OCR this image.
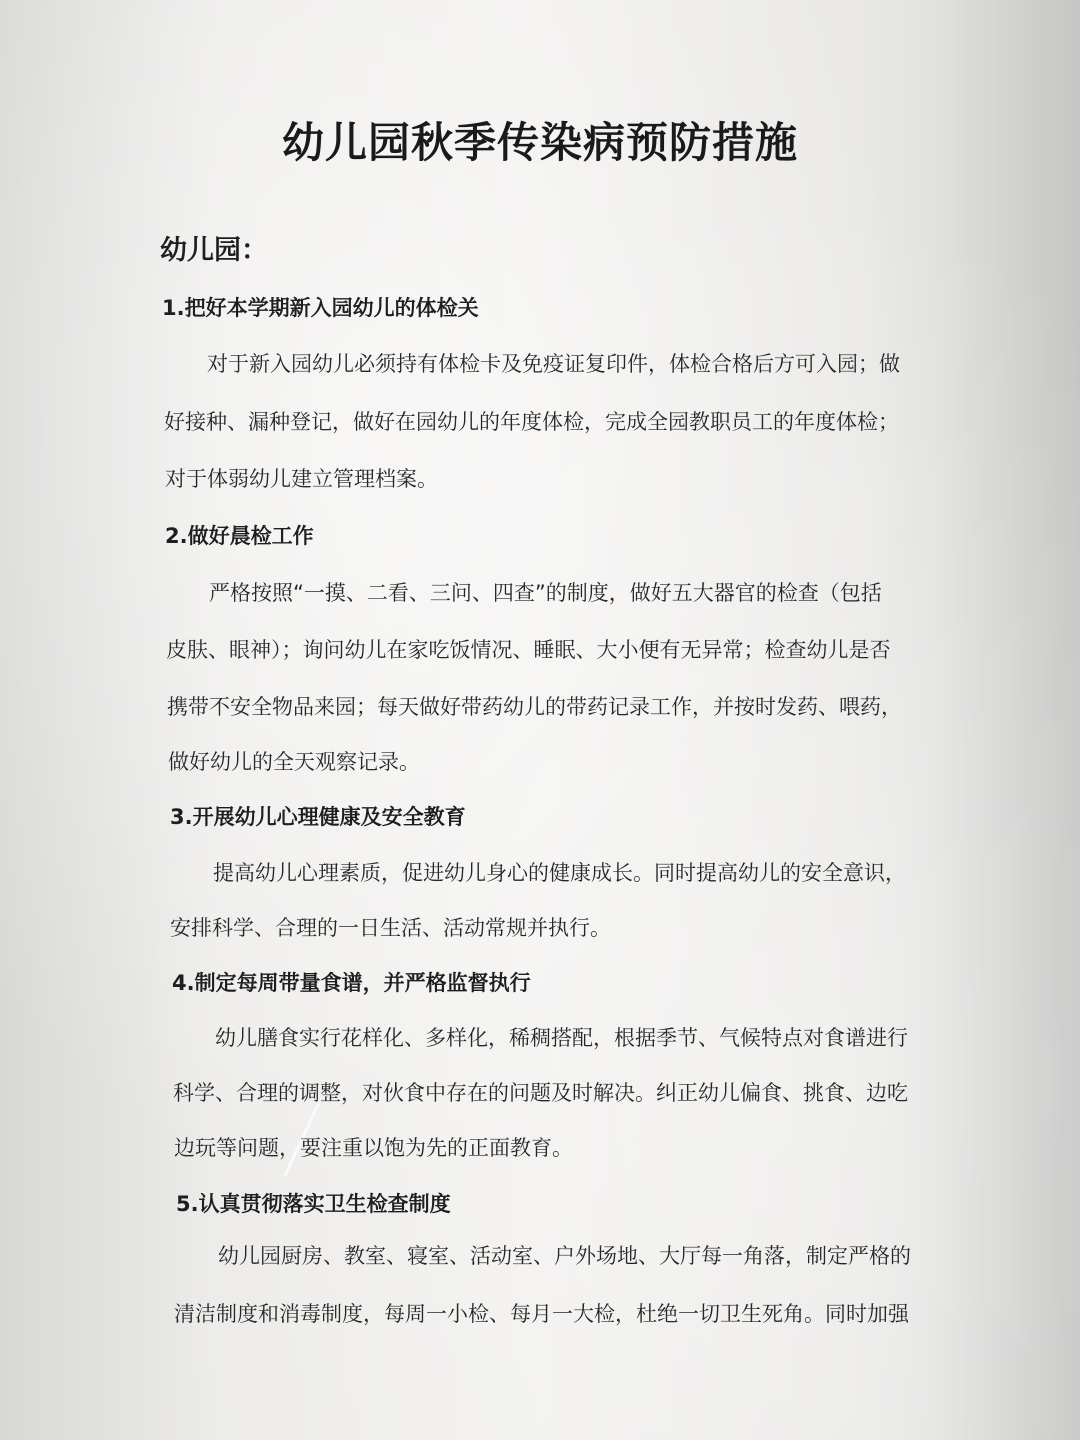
幼儿园秋季传染病预防措施
幼儿园：
1.把好本学期新入园幼儿的体检关
对于新入园幼儿必须持有体检卡及免疫证复印件，体检合格后方可入园；做
好接种、漏种登记，做好在园幼儿的年度体检，完成全园教职员工的年度体检；
对于体弱幼儿建立管理档案。
2.做好晨检工作
严格按照“一摸、二看、三问、四查”的制度，做好五大器官的检查（包括
皮肤、眼神）；询问幼儿在家吃饭情况、睡眠、大小便有无异常；检查幼儿是否
携带不安全物品来园；每天做好带药幼儿的带药记录工作，并按时发药、喂药，
做好幼儿的全天观察记录。
3.开展幼儿心理健康及安全教育
提高幼儿心理素质，促进幼儿身心的健康成长。同时提高幼儿的安全意识，
安排科学、合理的一日生活、活动常规并执行。
4.制定每周带量食谱，并严格监督执行
幼儿膳食实行花样化、多样化，稀稠搭配，根据季节、气候特点对食谱进行
科学、合理的调整，对伙食中存在的问题及时解决。纠正幼儿偏食、挑食、边吃
边玩等问题，要注重以饱为先的正面教育。
5.认真贯彻落实卫生检查制度
幼儿园厨房、教室、寝室、活动室、户外场地、大厅每一角落，制定严格的
清洁制度和消毒制度，每周一小检、每月一大检，杜绝一切卫生死角。同时加强
